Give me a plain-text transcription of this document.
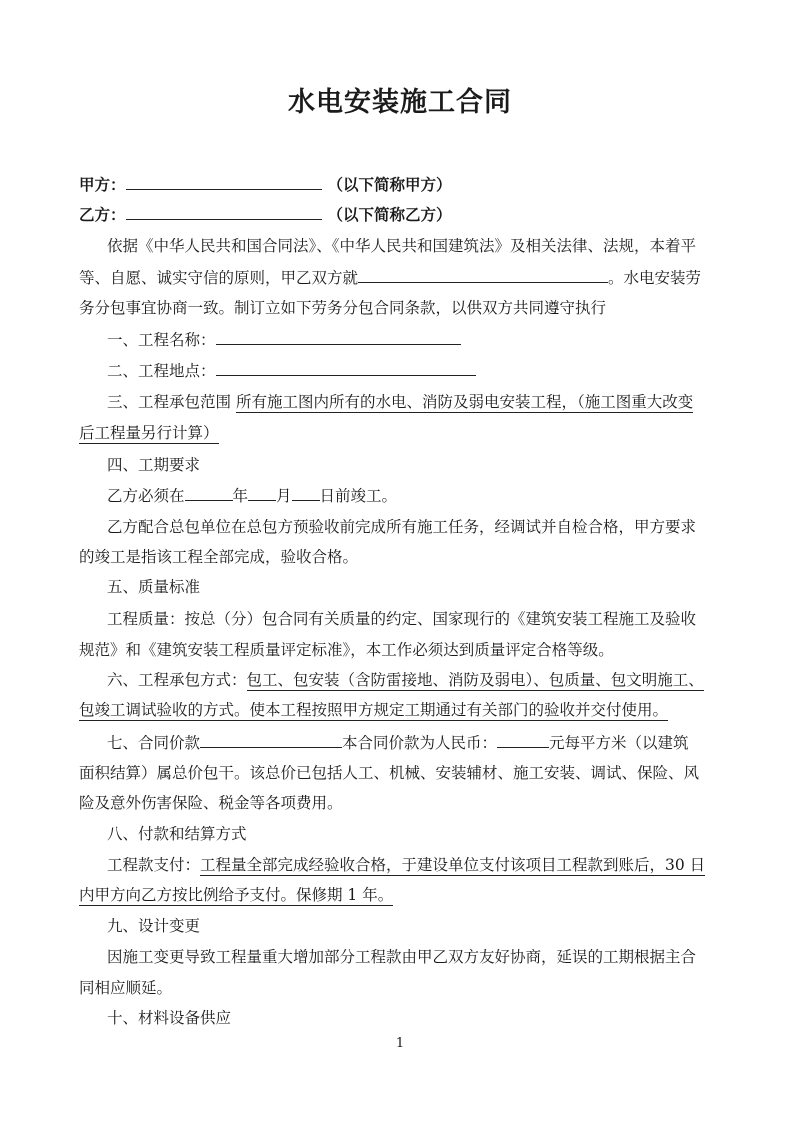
水电安装施工合同
甲方：	（以下简称甲方）
乙方：	（以下简称乙方）
依据《中华人民共和国合同法》、《中华人民共和国建筑法》及相关法律、法规，本着平
等、自愿、诚实守信的原则，甲乙双方就	。水电安装劳
务分包事宜协商一致。制订立如下劳务分包合同条款，以供双方共同遵守执行
一、工程名称：
二、工程地点：
三、工程承包范围 所有施工图内所有的水电、消防及弱电安装工程，（施工图重大改变
后工程量另行计算）
四、工期要求
乙方必须在	年 月 日前竣工。
乙方配合总包单位在总包方预验收前完成所有施工任务，经调试并自检合格，甲方要求
的竣工是指该工程全部完成，验收合格。
五、质量标准
工程质量：按总（分）包合同有关质量的约定、国家现行的《建筑安装工程施工及验收
规范》和《建筑安装工程质量评定标准》，本工作必须达到质量评定合格等级。
六、工程承包方式：包工、包安装（含防雷接地、消防及弱电）、包质量、包文明施工、
包竣工调试验收的方式。使本工程按照甲方规定工期通过有关部门的验收并交付使用。
七、合同价款	本合同价款为人民币：	元每平方米（以建筑
面积结算）属总价包干。该总价已包括人工、机械、安装辅材、施工安装、调试、保险、风
险及意外伤害保险、税金等各项费用。
八、付款和结算方式
工程款支付：工程量全部完成经验收合格，于建设单位支付该项目工程款到账后，30 日
内甲方向乙方按比例给予支付。保修期 1 年。
九、设计变更
因施工变更导致工程量重大增加部分工程款由甲乙双方友好协商，延误的工期根据主合
同相应顺延。
十、材料设备供应
1
